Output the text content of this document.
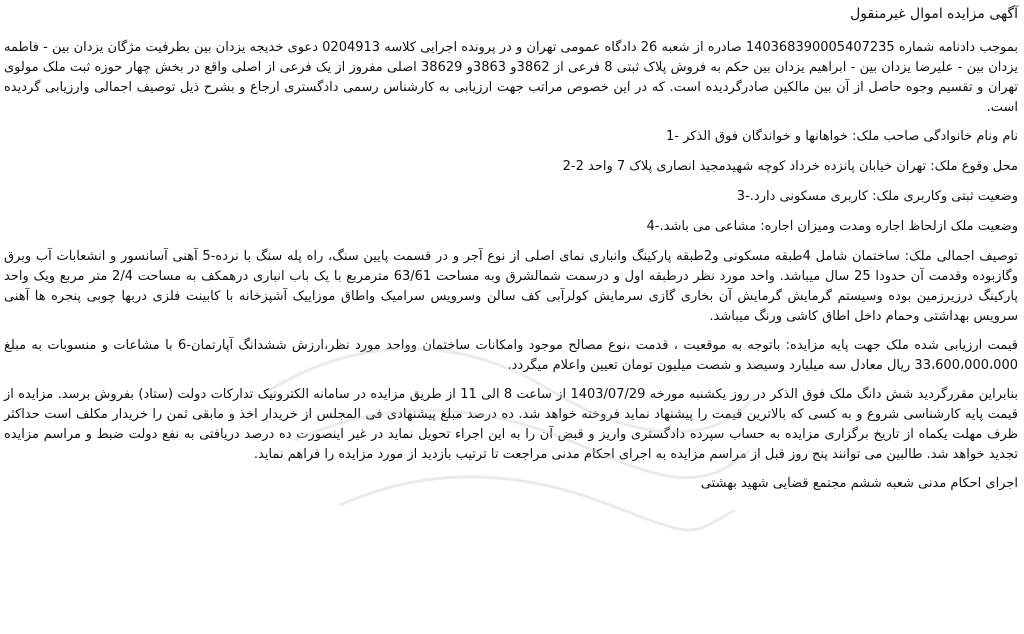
آگهی مزایده اموال غیرمنقول
بموجب دادنامه شماره 140368390005407235 صادره از شعبه 26 دادگاه عمومی تهران و در پرونده اجرایی کلاسه 0204913 دعوی خدیجه یزدان بین بطرفیت مژگان یزدان بین - فاطمه یزدان بین - علیرضا یزدان بین - ابراهیم یزدان بین حکم به فروش پلاک ثبتی 8 فرعی از 3862و 3863و 38629 اصلی مفروز از یک فرعی از اصلی واقع در بخش چهار حوزه ثبت ملک مولوی تهران و تقسیم وجوه حاصل از آن بین مالکین صادرگردیده است. که در این خصوص مراتب جهت ارزیابی به کارشناس رسمی دادگستری ارجاع و بشرح ذیل توصیف اجمالی وارزیابی گردیده است.
نام ونام خانوادگی صاحب ملک: خواهانها و خواندگان فوق الذکر -1
محل وقوع ملک: تهران خیابان پانزده خرداد کوچه شهیدمجید انصاری پلاک 7 واحد 2-2
وضعیت ثبتی وکاربری ملک: کاربری مسکونی دارد.-3
وضعیت ملک ازلحاظ اجاره ومدت ومیزان اجاره: مشاعی می باشد.-4
توصیف اجمالی ملک: ساختمان شامل 4طبقه مسکونی و2طبقه پارکینگ وانباری نمای اصلی از نوع آجر و در قسمت پایین سنگ، راه پله سنگ با نرده-5 آهنی آسانسور و انشعابات آب وبرق وگازبوده وقدمت آن حدودا 25 سال میباشد. واحد مورد نظر درطبقه اول و درسمت شمالشرق وبه مساحت 63/61 مترمربع با یک باب انباری درهمکف به مساحت 2/4 متر مربع ویک واحد پارکینگ درزیرزمین بوده وسیستم گرمایش گرمایش آن بخاری گازی سرمایش کولرآبی کف سالن وسرویس سرامیک واطاق موزاییک آشپزخانه با کابینت فلزی دربها چوبی پنجره ها آهنی سرویس بهداشتی وحمام داخل اطاق کاشی ورنگ میباشد.
قیمت ارزیابی شده ملک جهت پایه مزایده: باتوجه به موقعیت ، قدمت ،نوع مصالح موجود وامکانات ساختمان وواحد مورد نظر،ارزش ششدانگ آپارتمان-6 با مشاعات و منسوبات به مبلغ 33،600،000،000 ریال معادل سه میلیارد وسیصد و شصت میلیون تومان تعیین واعلام میگردد.
بنابراین مقررگردید شش دانگ ملک فوق الذکر در روز یکشنبه مورخه 1403/07/29 از ساعت 8 الی 11 از طریق مزایده در سامانه الکترونیک تدارکات دولت (ستاد) بفروش برسد. مزایده از قیمت پایه کارشناسی شروع و به کسی که بالاترین قیمت را پیشنهاد نماید فروخته خواهد شد. ده درصد مبلغ پیشنهادی فی المجلس از خریدار اخذ و مابقی ثمن را خریدار مکلف است حداکثر ظرف مهلت یکماه از تاریخ برگزاری مزایده به حساب سپرده دادگستری واریز و قبض آن را به این اجراء تحویل نماید در غیر اینصورت ده درصد دریافتی به نفع دولت ضبط و مراسم مزایده تجدید خواهد شد. طالبین می توانند پنج روز قبل از مراسم مزایده به اجرای احکام مدنی مراجعت تا ترتیب بازدید از مورد مزایده را فراهم نماید.
اجرای احکام مدنی شعبه ششم مجتمع قضایی شهید بهشتی
